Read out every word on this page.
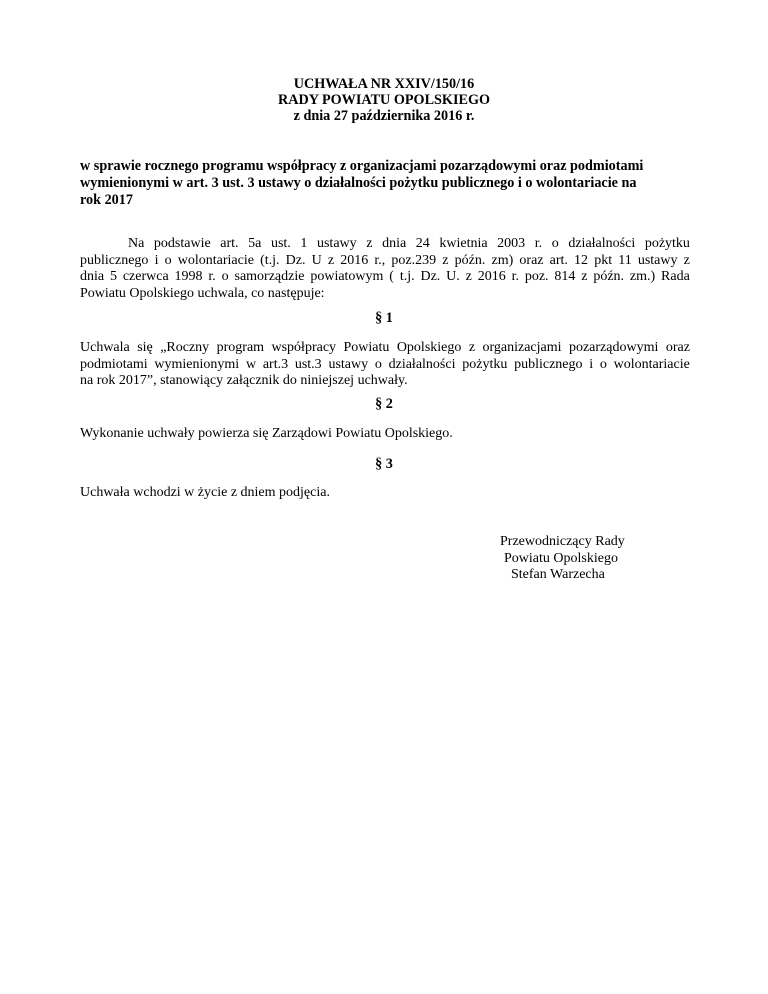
UCHWAŁA NR XXIV/150/16
RADY POWIATU OPOLSKIEGO
z dnia 27 października 2016 r.
w sprawie rocznego programu współpracy z organizacjami pozarządowymi oraz podmiotami
wymienionymi w art. 3 ust. 3 ustawy o działalności pożytku publicznego i o wolontariacie na
rok 2017
Na podstawie art. 5a ust. 1 ustawy z dnia 24 kwietnia 2003 r. o działalności pożytku
publicznego i o wolontariacie (t.j. Dz. U z 2016 r., poz.239 z późn. zm) oraz art. 12 pkt 11 ustawy z
dnia 5 czerwca 1998 r. o samorządzie powiatowym ( t.j. Dz. U. z 2016 r. poz. 814 z późn. zm.) Rada
Powiatu Opolskiego uchwala, co następuje:
§ 1
Uchwala się „Roczny program współpracy Powiatu Opolskiego z organizacjami pozarządowymi oraz
podmiotami wymienionymi w art.3 ust.3 ustawy o działalności pożytku publicznego i o wolontariacie
na rok 2017”, stanowiący załącznik do niniejszej uchwały.
§ 2
Wykonanie uchwały powierza się Zarządowi Powiatu Opolskiego.
§ 3
Uchwała wchodzi w życie z dniem podjęcia.
Przewodniczący Rady
Powiatu Opolskiego
Stefan Warzecha
